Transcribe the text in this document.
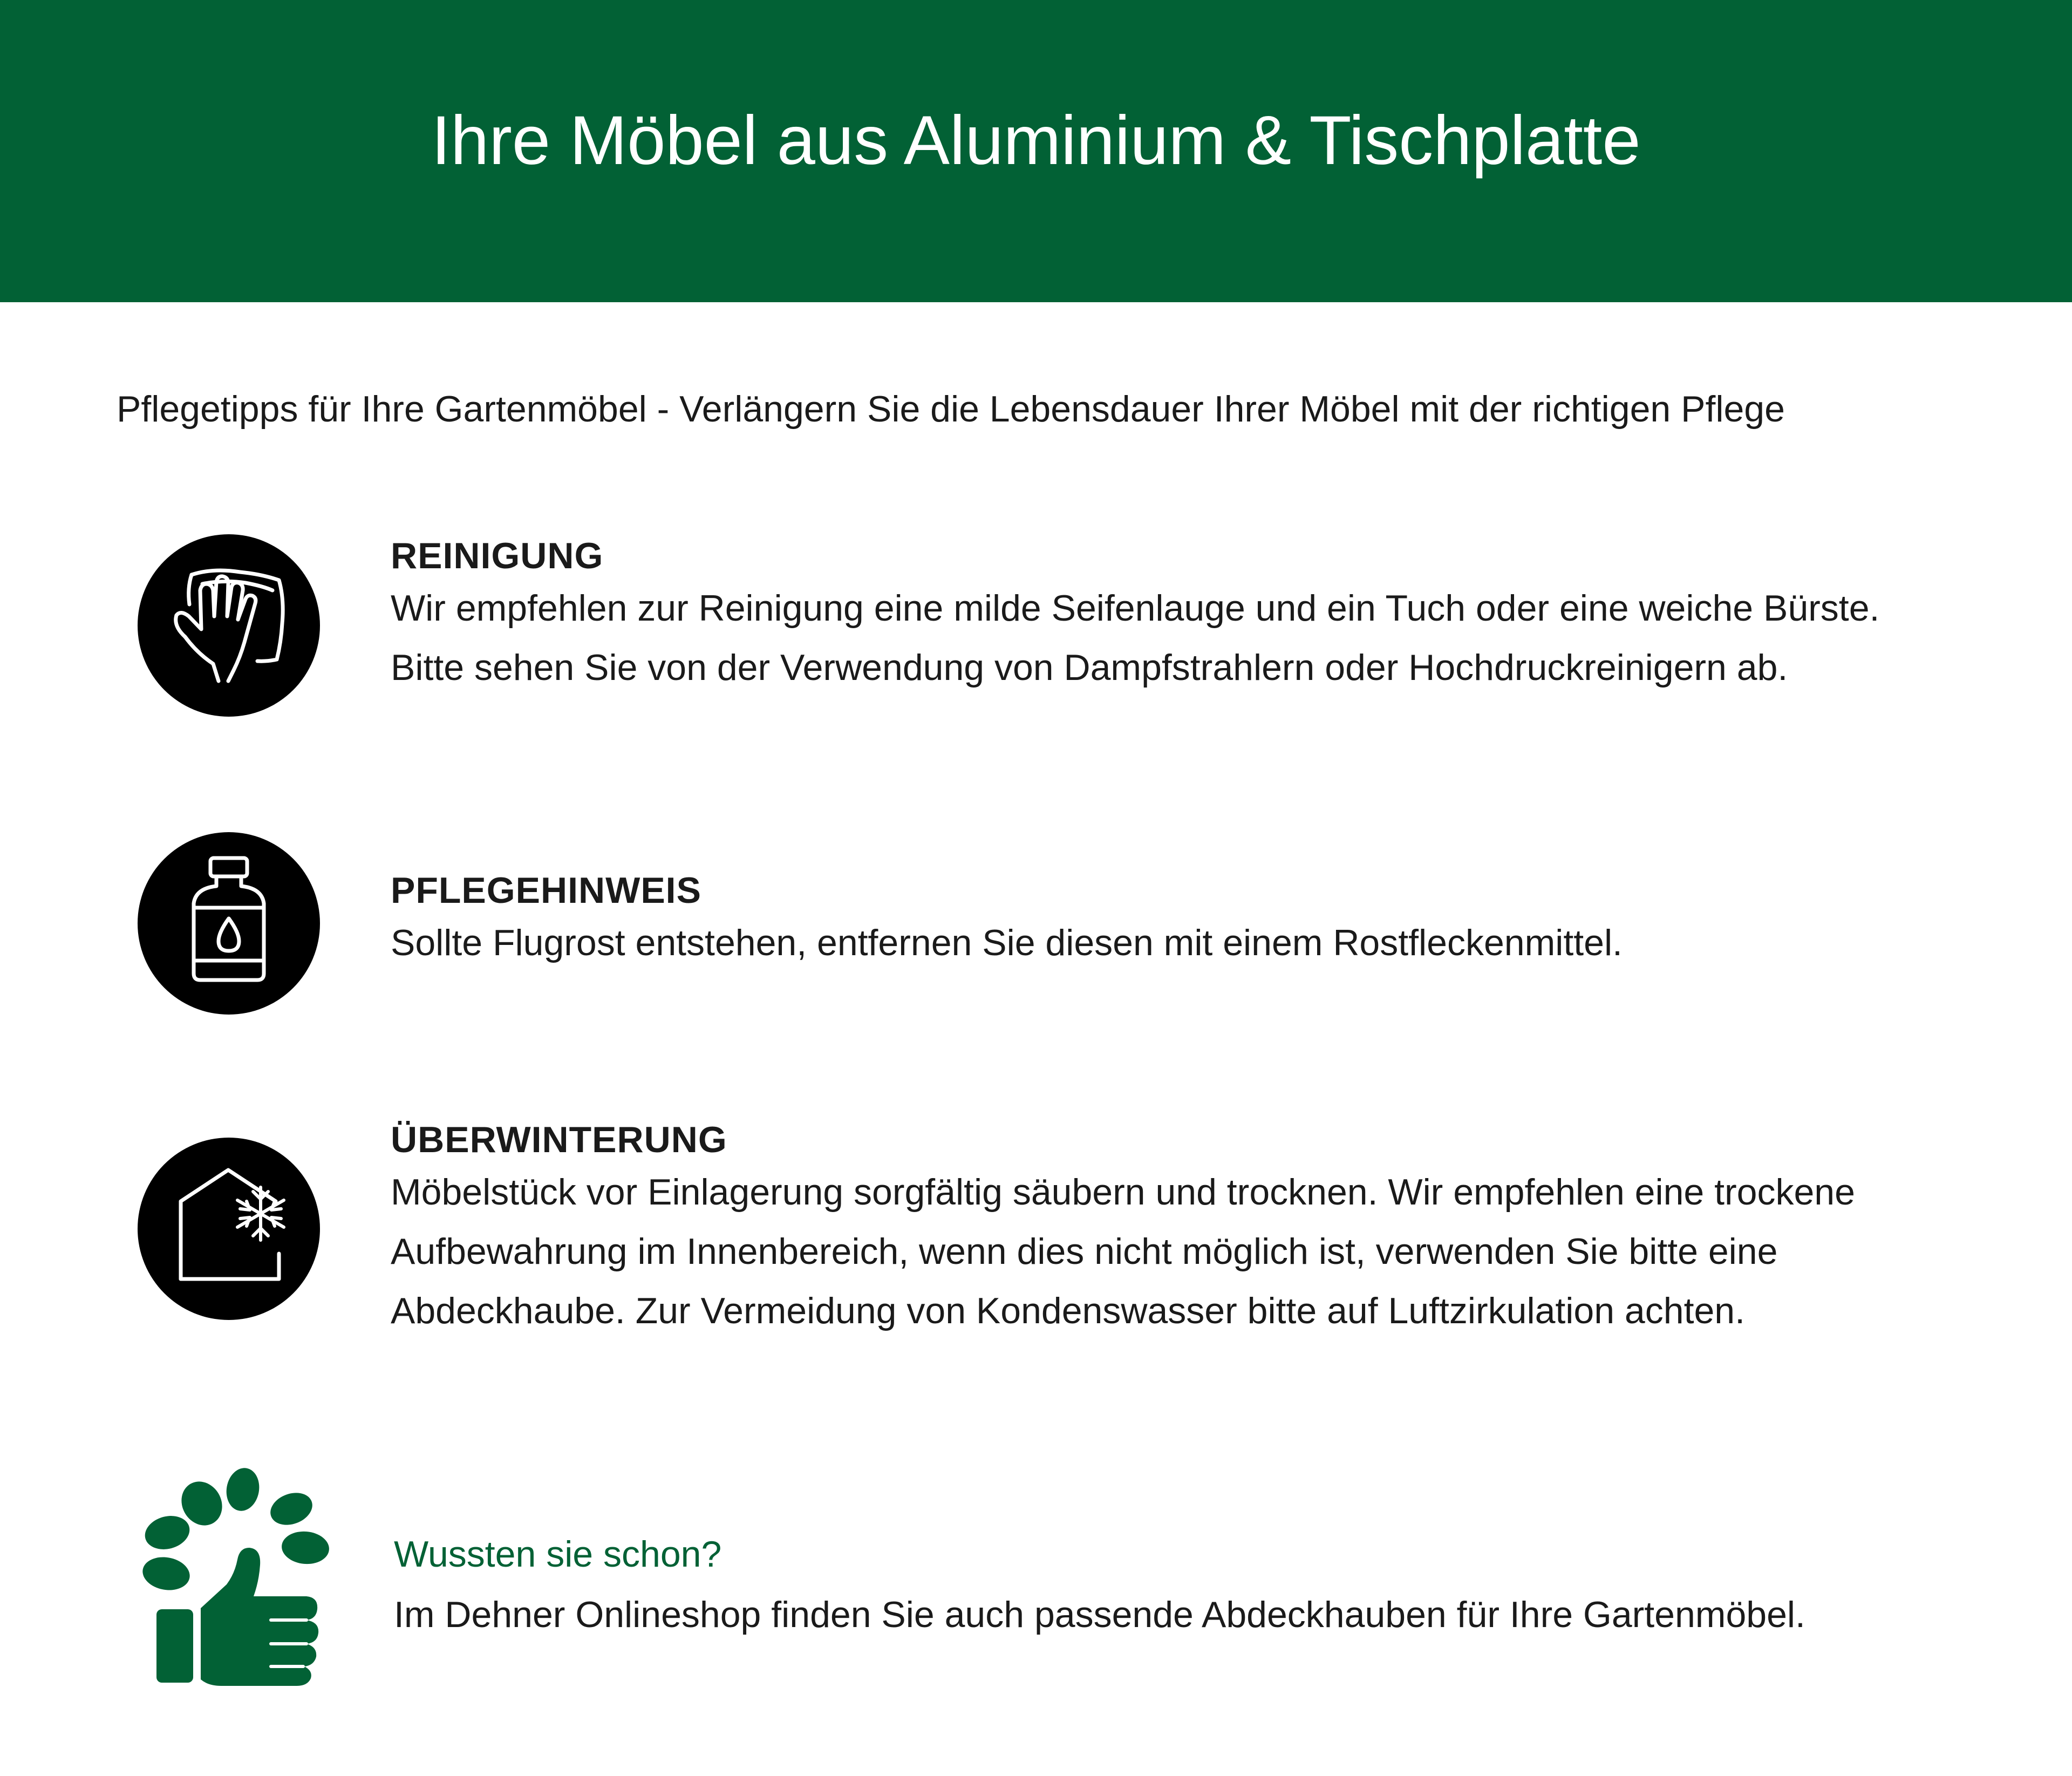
Ihre Möbel aus Aluminium & Tischplatte
Pflegetipps für Ihre Gartenmöbel - Verlängern Sie die Lebensdauer Ihrer Möbel mit der richtigen Pflege

REINIGUNG

Wir empfehlen zur Reinigung eine milde Seifenlauge und ein Tuch oder eine weiche Bürste.

Bitte sehen Sie von der Verwendung von Dampfstrahlern oder Hochdruckreinigern ab.

PFLEGEHINWEIS

Sollte Flugrost entstehen, entfernen Sie diesen mit einem Rostfleckenmittel.

ÜBERWINTERUNG

Möbelstück vor Einlagerung sorgfältig säubern und trocknen. Wir empfehlen eine trockene

Aufbewahrung im Innenbereich, wenn dies nicht möglich ist, verwenden Sie bitte eine

Abdeckhaube. Zur Vermeidung von Kondenswasser bitte auf Luftzirkulation achten.

Wussten sie schon?

Im Dehner Onlineshop finden Sie auch passende Abdeckhauben für Ihre Gartenmöbel.
